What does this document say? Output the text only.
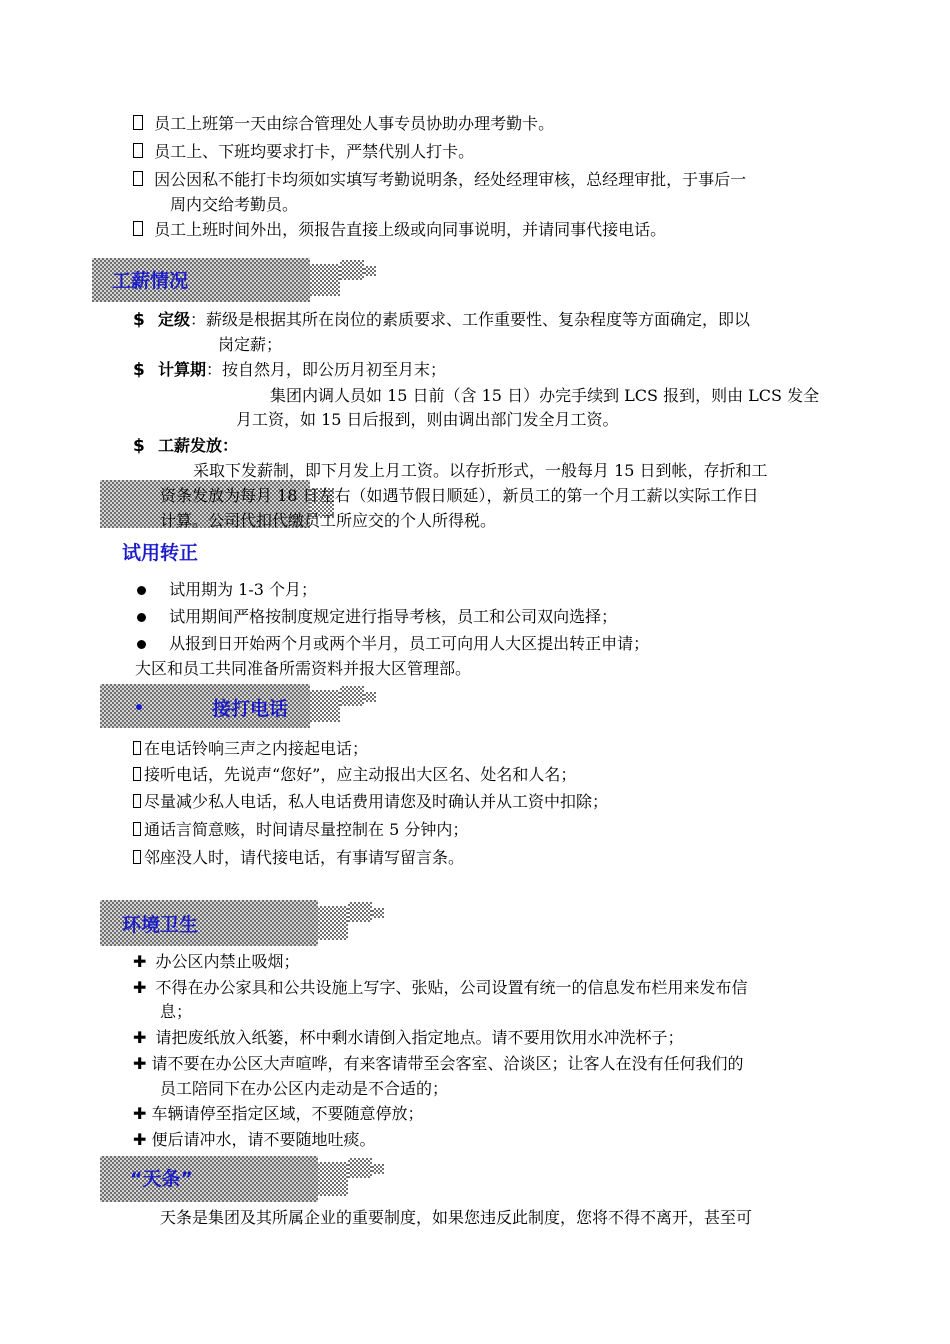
员工上班第一天由综合管理处人事专员协助办理考勤卡。
员工上、下班均要求打卡，严禁代别人打卡。
因公因私不能打卡均须如实填写考勤说明条，经处经理审核，总经理审批，于事后一
周内交给考勤员。
员工上班时间外出，须报告直接上级或向同事说明，并请同事代接电话。
工薪情况
$ 定级：薪级是根据其所在岗位的素质要求、工作重要性、复杂程度等方面确定，即以
岗定薪；
$ 计算期：按自然月，即公历月初至月末；
集团内调人员如 15 日前（含 15 日）办完手续到 LCS 报到，则由 LCS 发全
月工资，如 15 日后报到，则由调出部门发全月工资。
$ 工薪发放：
采取下发薪制，即下月发上月工资。以存折形式，一般每月 15 日到帐，存折和工
资条发放为每月 18 日左右（如遇节假日顺延），新员工的第一个月工薪以实际工作日
计算。公司代扣代缴员工所应交的个人所得税。
试用转正
试用期为 1-3 个月；
试用期间严格按制度规定进行指导考核，员工和公司双向选择；
从报到日开始两个月或两个半月，员工可向用人大区提出转正申请；
大区和员工共同准备所需资料并报大区管理部。
接打电话
在电话铃响三声之内接起电话；
接听电话，先说声“您好”，应主动报出大区名、处名和人名；
尽量减少私人电话，私人电话费用请您及时确认并从工资中扣除；
通话言简意赅，时间请尽量控制在 5 分钟内；
邻座没人时，请代接电话，有事请写留言条。
环境卫生
✚ 办公区内禁止吸烟；
✚ 不得在办公家具和公共设施上写字、张贴，公司设置有统一的信息发布栏用来发布信
息；
✚ 请把废纸放入纸篓，杯中剩水请倒入指定地点。请不要用饮用水冲洗杯子；
✚ 请不要在办公区大声喧哗，有来客请带至会客室、洽谈区；让客人在没有任何我们的
员工陪同下在办公区内走动是不合适的；
✚ 车辆请停至指定区域，不要随意停放；
✚ 便后请冲水，请不要随地吐痰。
“天条”
天条是集团及其所属企业的重要制度，如果您违反此制度，您将不得不离开，甚至可
